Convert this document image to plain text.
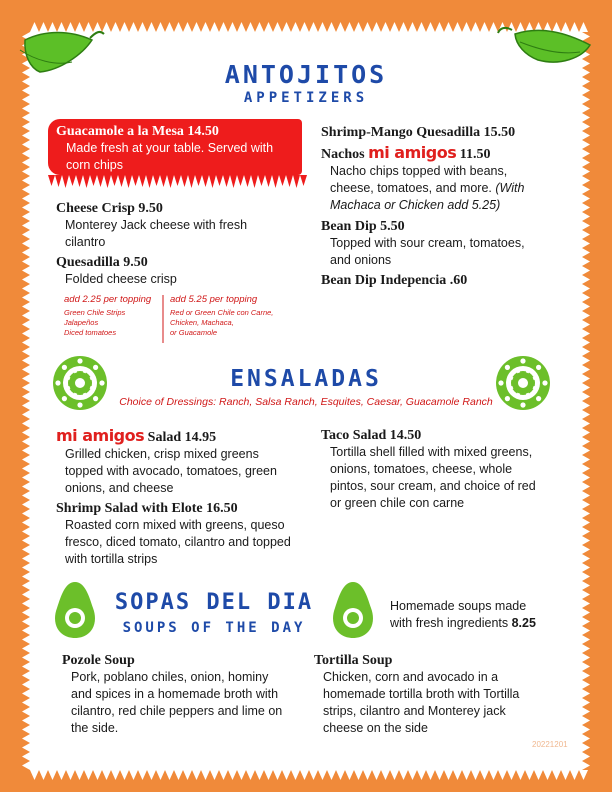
ANTOJITOS
APPETIZERS
Guacamole a la Mesa 14.50
Made fresh at your table. Served with
corn chips
Cheese Crisp 9.50
Monterey Jack cheese with fresh
cilantro
Quesadilla 9.50
Folded cheese crisp
add 2.25 per topping
Green Chile Strips
Jalapeños
Diced tomatoes
add 5.25 per topping
Red or Green Chile con Carne,
Chicken, Machaca,
or Guacamole
Shrimp-Mango Quesadilla 15.50
Nachos mi amigos 11.50
Nacho chips topped with beans,
cheese, tomatoes, and more. (With
Machaca or Chicken add 5.25)
Bean Dip 5.50
Topped with sour cream, tomatoes,
and onions
Bean Dip Indepencia .60
ENSALADAS
Choice of Dressings: Ranch, Salsa Ranch, Esquites, Caesar, Guacamole Ranch
mi amigos Salad 14.95
Grilled chicken, crisp mixed greens
topped with avocado, tomatoes, green
onions, and cheese
Shrimp Salad with Elote 16.50
Roasted corn mixed with greens, queso
fresco, diced tomato, cilantro and topped
with tortilla strips
Taco Salad 14.50
Tortilla shell filled with mixed greens,
onions, tomatoes, cheese, whole
pintos, sour cream, and choice of red
or green chile con carne
SOPAS DEL DIA
SOUPS OF THE DAY
Homemade soups made
with fresh ingredients 8.25
Pozole Soup
Pork, poblano chiles, onion, hominy
and spices in a homemade broth with
cilantro, red chile peppers and lime on
the side.
Tortilla Soup
Chicken, corn and avocado in a
homemade tortilla broth with Tortilla
strips, cilantro and Monterey jack
cheese on the side
20221201
